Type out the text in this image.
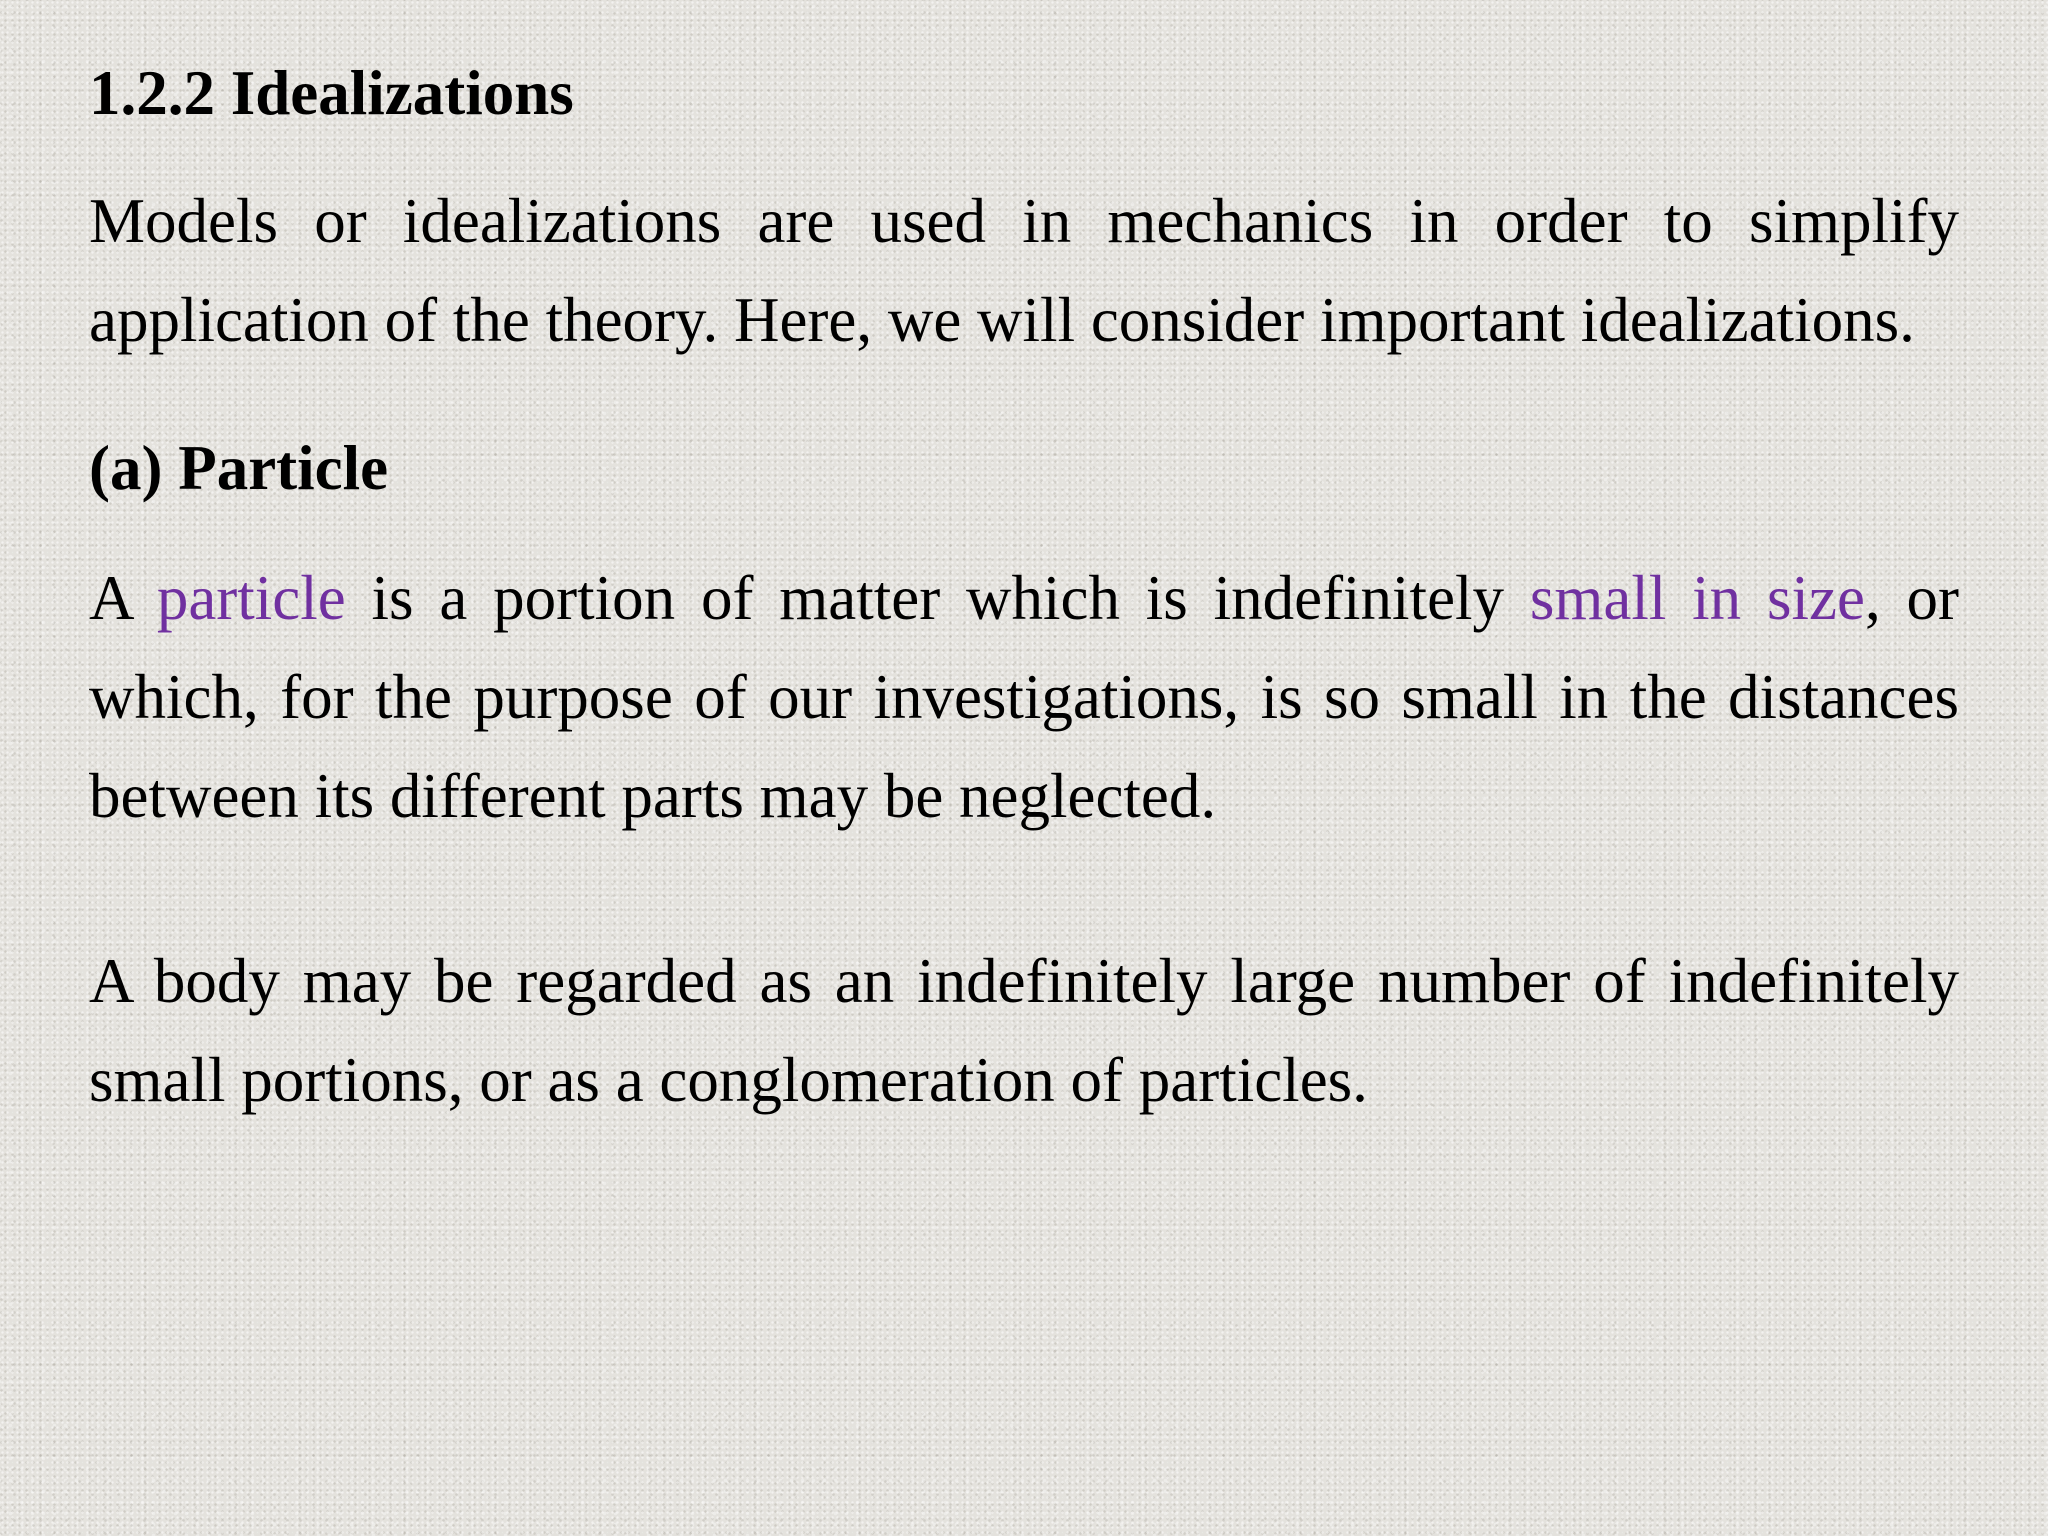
1.2.2 Idealizations

Models or idealizations are used in mechanics in order to simplify application of the theory. Here, we will consider important idealizations.

(a) Particle

A particle is a portion of matter which is indefinitely small in size, or which, for the purpose of our investigations, is so small in the distances between its different parts may be neglected.

A body may be regarded as an indefinitely large number of indefinitely small portions, or as a conglomeration of particles.
